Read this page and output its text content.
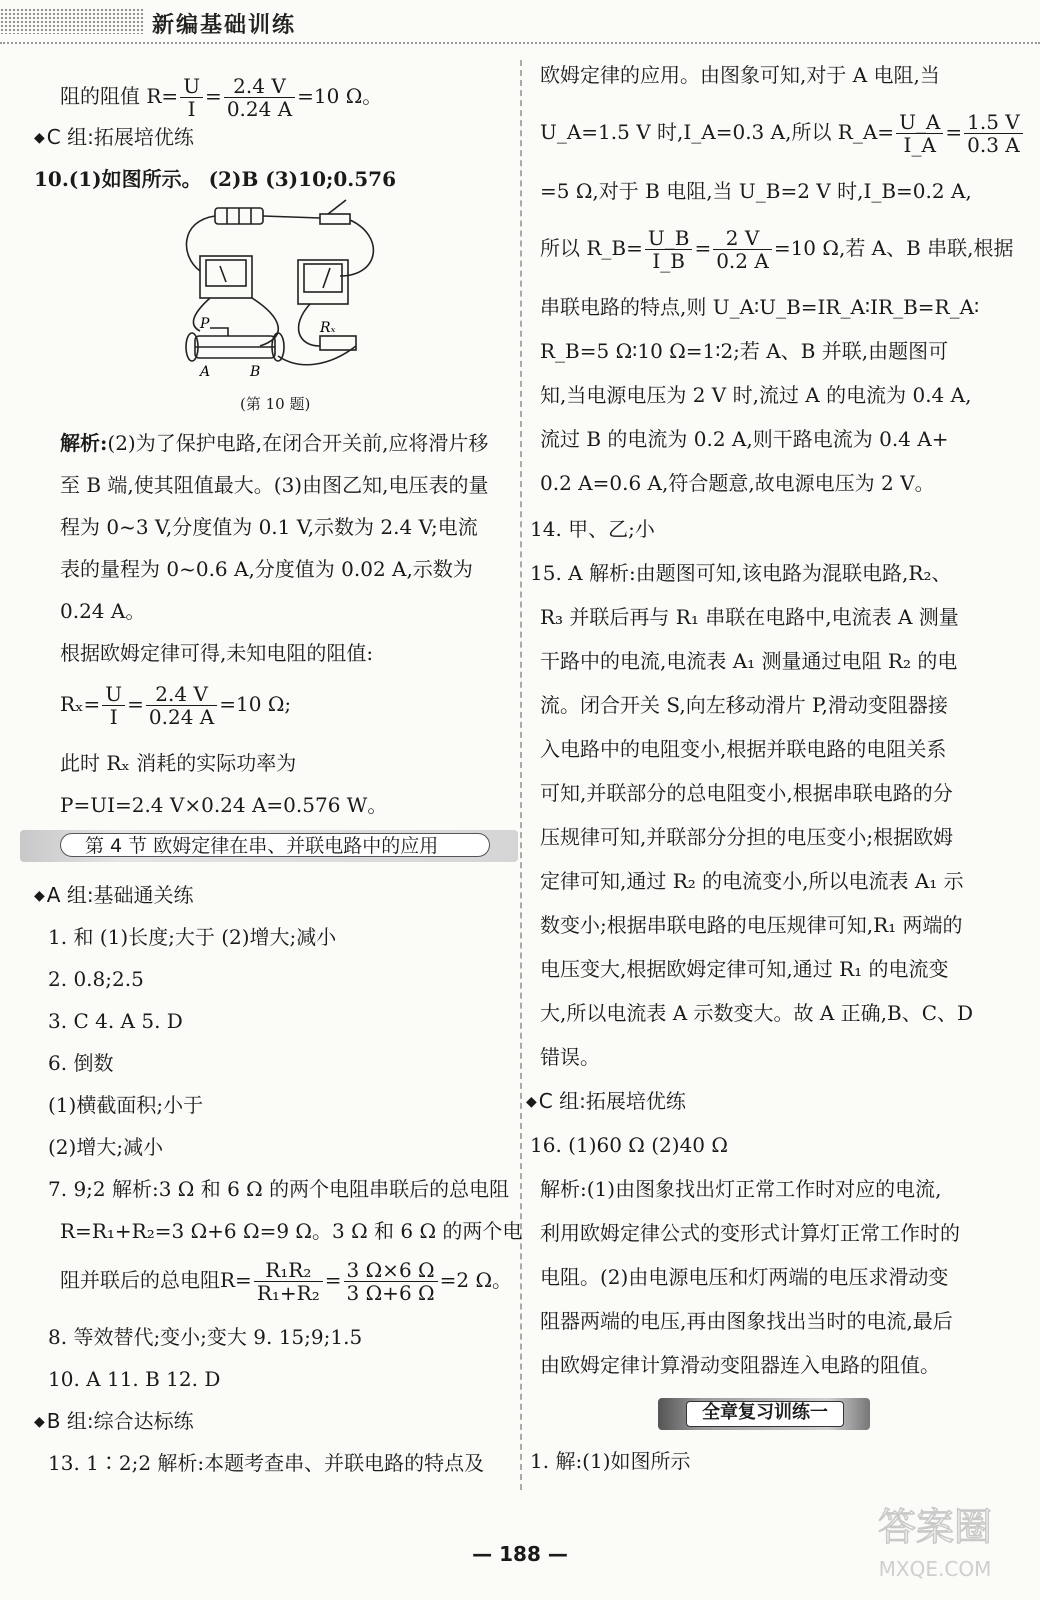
新编基础训练
阻的阻值 $R= \frac{U}{I} = \frac{2.4 V}{0.24 A} =10$ Ω。
◆ C 组:拓展培优练
10.(1)如图所示。 (2)B (3)10;0.576
解析:(2)为了保护电路,在闭合开关前,应将滑片移
至 B 端,使其阻值最大。(3)由图乙知,电压表的量
程为 0~3 V,分度值为 0.1 V,示数为 2.4 V;电流
表的量程为 0~0.6 A,分度值为 0.02 A,示数为
0.24 A。
根据欧姆定律可得,未知电阻的阻值:
$R_x= \frac{U}{I} = \frac{2.4 V}{0.24 A} =10$ Ω;
此时 Rₓ 消耗的实际功率为
P=UI=2.4 V×0.24 A=0.576 W。
◆ A 组:基础通关练
1. 和 (1)长度;大于 (2)增大;减小
2. 0.8;2.5
3. C 4. A 5. D
6. 倒数
(1)横截面积;小于
(2)增大;减小
7. 9;2 解析:3 Ω 和 6 Ω 的两个电阻串联后的总电阻
R=R₁+R₂=3 Ω+6 Ω=9 Ω。3 Ω 和 6 Ω 的两个电
阻并联后的总电阻$R= \frac{\text{R₁R₂}}{\text{R₁+R₂}} = \frac{3 \Omega\times 6 \Omega}{3 \Omega+6 \Omega} =2$ Ω。
8. 等效替代;变小;变大 9. 15;9;1.5
10. A 11. B 12. D
◆ B 组:综合达标练
13. 1∶2;2 解析:本题考查串、并联电路的特点及
P
A	B
Rₓ
(第 10 题)
第 4 节 欧姆定律在串、并联电路中的应用
欧姆定律的应用。由图象可知,对于 A 电阻,当
U_A=1.5 V 时,I_A=0.3 A,所以 R_A= $\frac{U\_A}{I\_A} = \frac{1.5 V}{0.3 A}$
=5 Ω,对于 B 电阻,当 U_B=2 V 时,I_B=0.2 A,
所以 R_B= $\frac{U\_B}{I\_B} = \frac{2 V}{0.2 A} =10$ Ω,若 A、B 串联,根据
串联电路的特点,则 U_A∶U_B=IR_A∶IR_B=R_A∶
R_B=5 Ω∶10 Ω=1∶2;若 A、B 并联,由题图可
知,当电源电压为 2 V 时,流过 A 的电流为 0.4 A,
流过 B 的电流为 0.2 A,则干路电流为 0.4 A+
0.2 A=0.6 A,符合题意,故电源电压为 2 V。
14. 甲、乙;小
15. A 解析:由题图可知,该电路为混联电路,R₂、
R₃ 并联后再与 R₁ 串联在电路中,电流表 A 测量
干路中的电流,电流表 A₁ 测量通过电阻 R₂ 的电
流。闭合开关 S,向左移动滑片 P,滑动变阻器接
入电路中的电阻变小,根据并联电路的电阻关系
可知,并联部分的总电阻变小,根据串联电路的分
压规律可知,并联部分分担的电压变小;根据欧姆
定律可知,通过 R₂ 的电流变小,所以电流表 A₁ 示
数变小;根据串联电路的电压规律可知,R₁ 两端的
电压变大,根据欧姆定律可知,通过 R₁ 的电流变
大,所以电流表 A 示数变大。故 A 正确,B、C、D
错误。
◆ C 组:拓展培优练
16. (1)60 Ω (2)40 Ω
解析:(1)由图象找出灯正常工作时对应的电流,
利用欧姆定律公式的变形式计算灯正常工作时的
电阻。(2)由电源电压和灯两端的电压求滑动变
阻器两端的电压,再由图象找出当时的电流,最后
由欧姆定律计算滑动变阻器连入电路的阻值。
1. 解:(1)如图所示
全章复习训练一
— 188 —
答案圈
MXQE.COM
